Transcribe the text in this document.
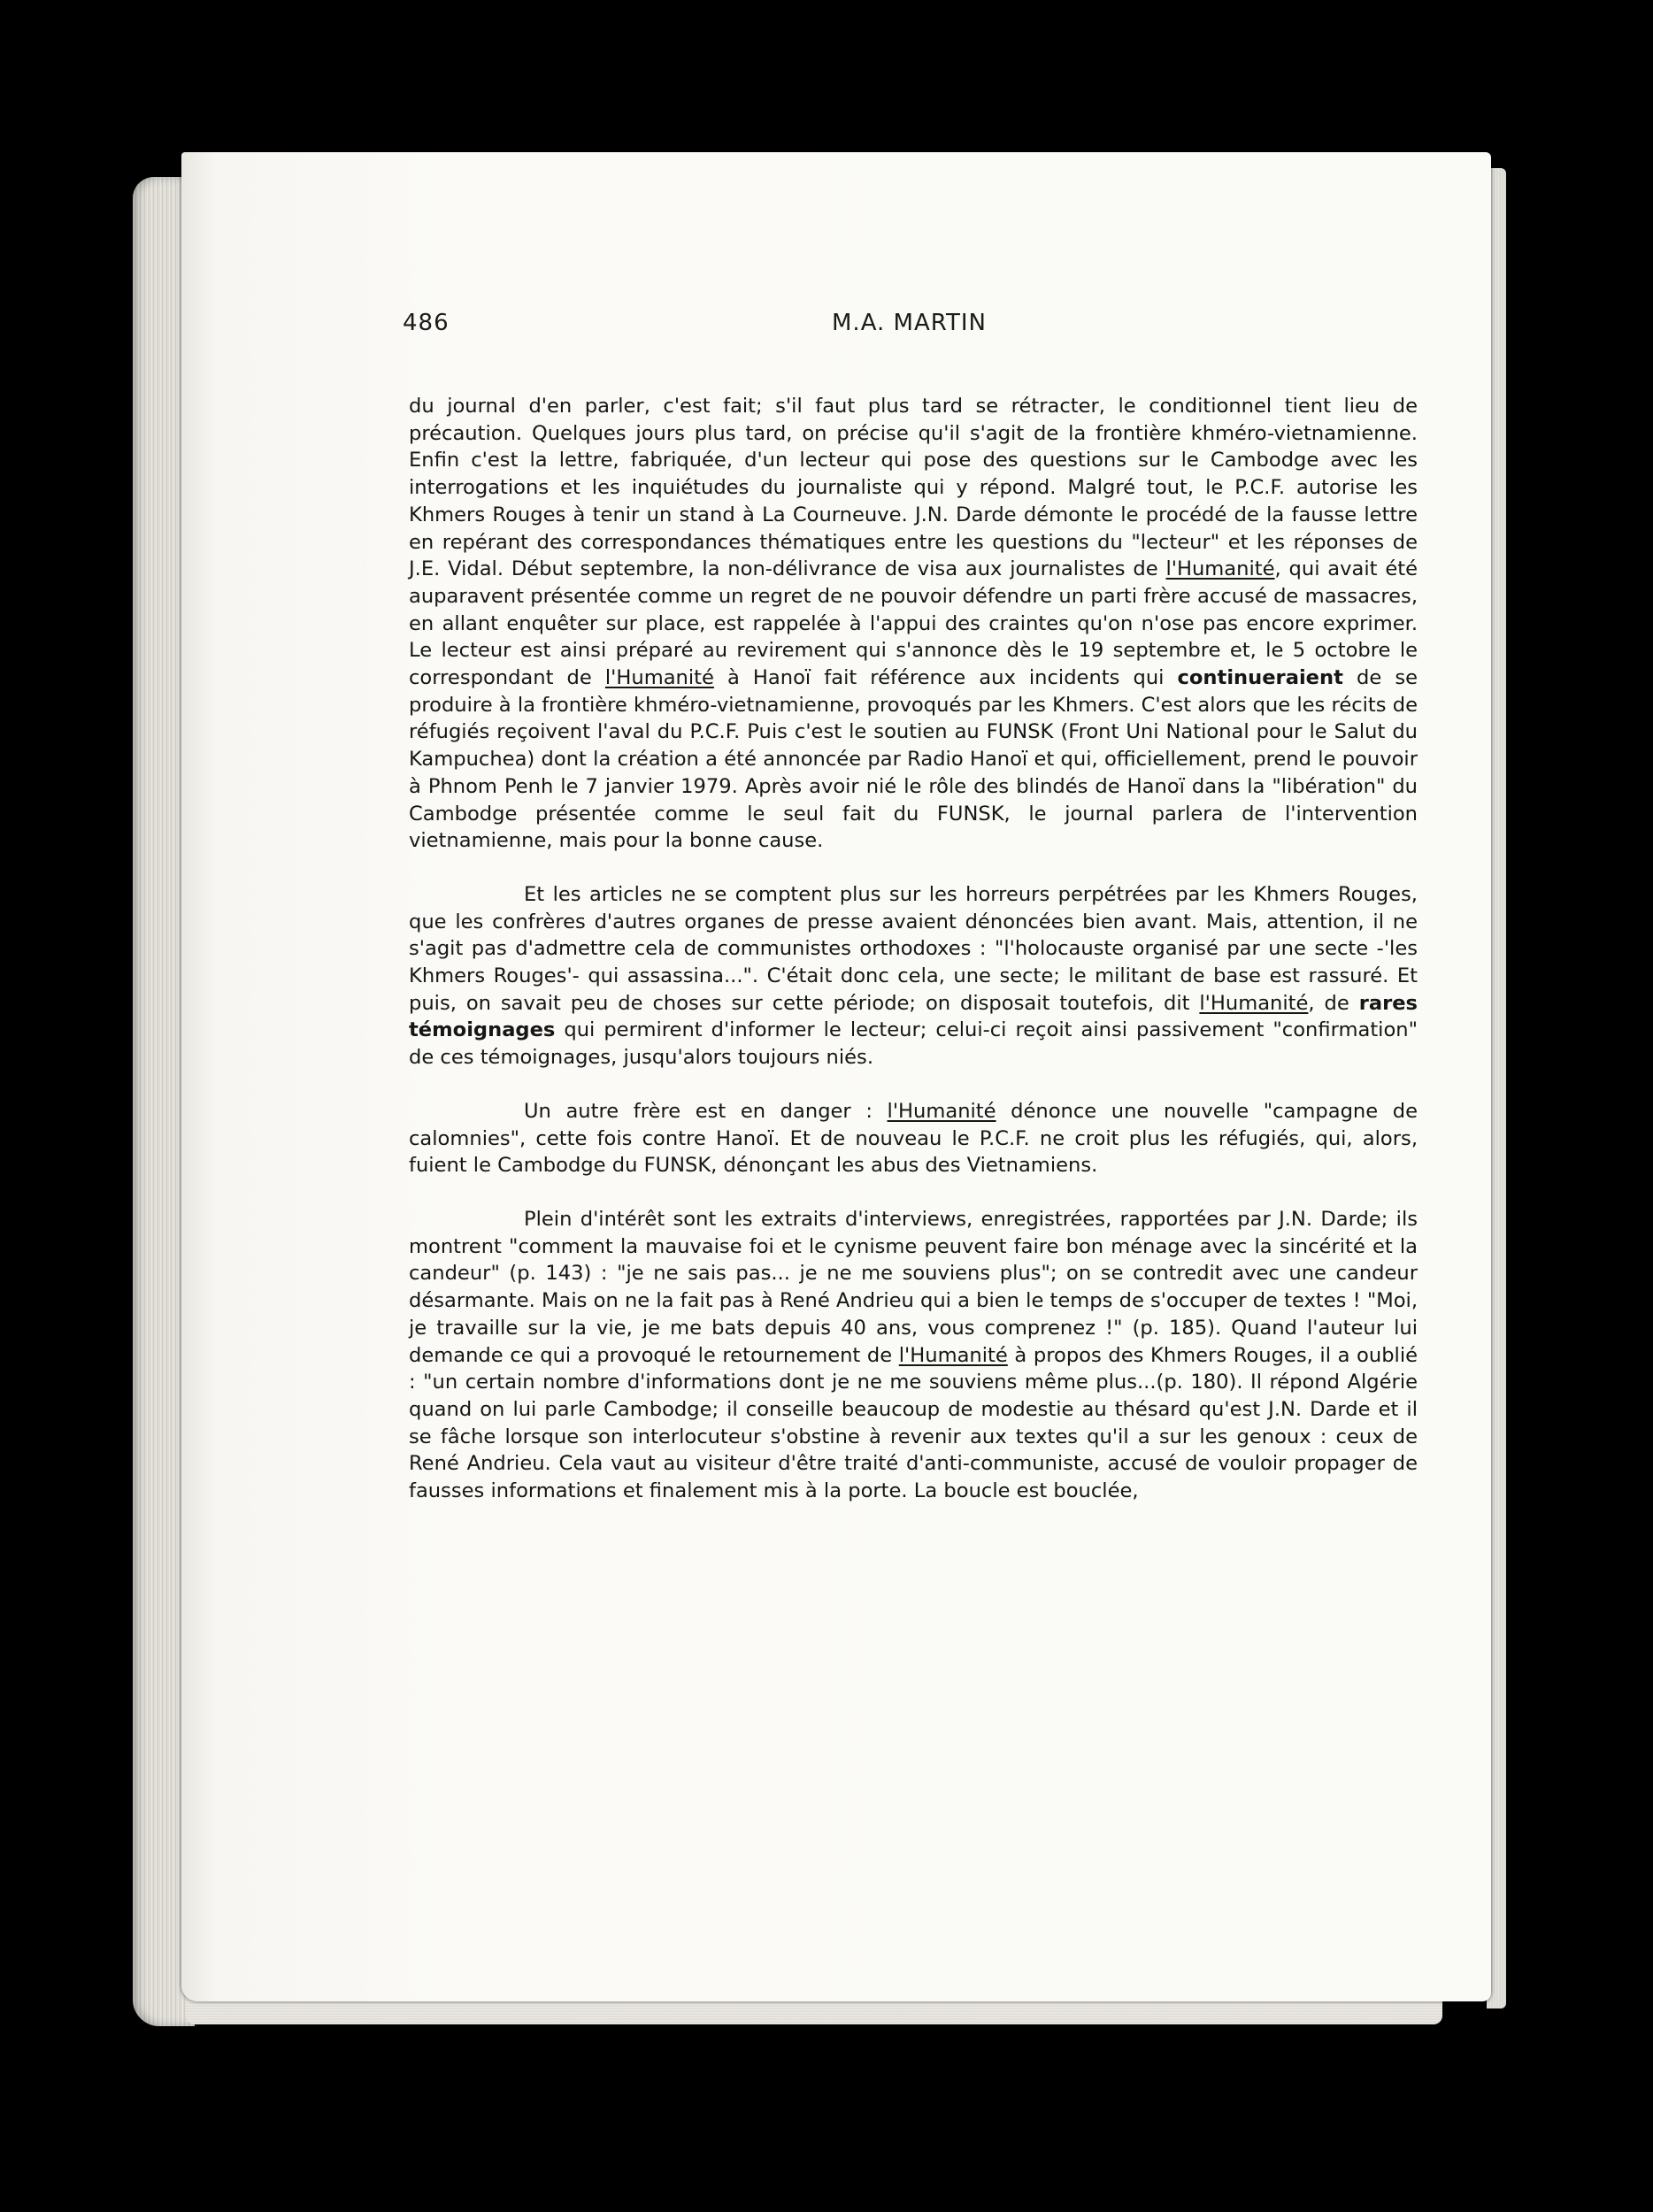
486	M.A. MARTIN

du journal d'en parler, c'est fait; s'il faut plus tard se rétracter, le conditionnel tient lieu de précaution. Quelques jours plus tard, on précise qu'il s'agit de la frontière khméro-vietnamienne. Enfin c'est la lettre, fabriquée, d'un lecteur qui pose des questions sur le Cambodge avec les interrogations et les inquiétudes du journaliste qui y répond. Malgré tout, le P.C.F. autorise les Khmers Rouges à tenir un stand à La Courneuve. J.N. Darde démonte le procédé de la fausse lettre en repérant des correspondances thématiques entre les questions du "lecteur" et les réponses de J.E. Vidal. Début septembre, la non-délivrance de visa aux journalistes de l'Humanité, qui avait été auparavent présentée comme un regret de ne pouvoir défendre un parti frère accusé de massacres, en allant enquêter sur place, est rappelée à l'appui des craintes qu'on n'ose pas encore exprimer. Le lecteur est ainsi préparé au revirement qui s'annonce dès le 19 septembre et, le 5 octobre le correspondant de l'Humanité à Hanoï fait référence aux incidents qui continueraient de se produire à la frontière khméro-vietnamienne, provoqués par les Khmers. C'est alors que les récits de réfugiés reçoivent l'aval du P.C.F. Puis c'est le soutien au FUNSK (Front Uni National pour le Salut du Kampuchea) dont la création a été annoncée par Radio Hanoï et qui, officiellement, prend le pouvoir à Phnom Penh le 7 janvier 1979. Après avoir nié le rôle des blindés de Hanoï dans la "libération" du Cambodge présentée comme le seul fait du FUNSK, le journal parlera de l'intervention vietnamienne, mais pour la bonne cause.

Et les articles ne se comptent plus sur les horreurs perpétrées par les Khmers Rouges, que les confrères d'autres organes de presse avaient dénoncées bien avant. Mais, attention, il ne s'agit pas d'admettre cela de communistes orthodoxes : "l'holocauste organisé par une secte -'les Khmers Rouges'- qui assassina...". C'était donc cela, une secte; le militant de base est rassuré. Et puis, on savait peu de choses sur cette période; on disposait toutefois, dit l'Humanité, de rares témoignages qui permirent d'informer le lecteur; celui-ci reçoit ainsi passivement "confirmation" de ces témoignages, jusqu'alors toujours niés.

Un autre frère est en danger : l'Humanité dénonce une nouvelle "campagne de calomnies", cette fois contre Hanoï. Et de nouveau le P.C.F. ne croit plus les réfugiés, qui, alors, fuient le Cambodge du FUNSK, dénonçant les abus des Vietnamiens.

Plein d'intérêt sont les extraits d'interviews, enregistrées, rapportées par J.N. Darde; ils montrent "comment la mauvaise foi et le cynisme peuvent faire bon ménage avec la sincérité et la candeur" (p. 143) : "je ne sais pas... je ne me souviens plus"; on se contredit avec une candeur désarmante. Mais on ne la fait pas à René Andrieu qui a bien le temps de s'occuper de textes ! "Moi, je travaille sur la vie, je me bats depuis 40 ans, vous comprenez !" (p. 185). Quand l'auteur lui demande ce qui a provoqué le retournement de l'Humanité à propos des Khmers Rouges, il a oublié : "un certain nombre d'informations dont je ne me souviens même plus...(p. 180). Il répond Algérie quand on lui parle Cambodge; il conseille beaucoup de modestie au thésard qu'est J.N. Darde et il se fâche lorsque son interlocuteur s'obstine à revenir aux textes qu'il a sur les genoux : ceux de René Andrieu. Cela vaut au visiteur d'être traité d'anti-communiste, accusé de vouloir propager de fausses informations et finalement mis à la porte. La boucle est bouclée,
